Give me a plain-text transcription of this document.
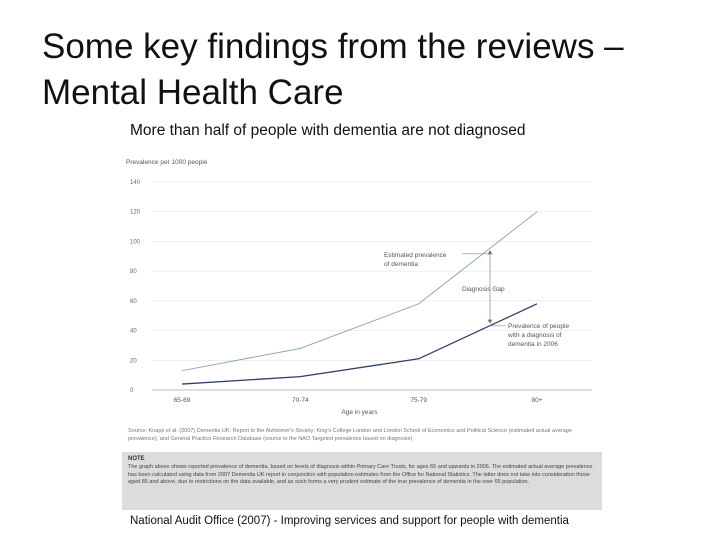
Some key findings from the reviews – Mental Health Care
More than half of people with dementia are not diagnosed
Prevalence per 1000 people
0
20
40
60
80
100
120
140
65-69	70-74	75-79	80+
Age in years
Estimated prevalence
of dementia
Diagnosis Gap
Prevalence of people
with a diagnosis of
dementia in 2006
Source: Knapp et al. (2007) Dementia UK: Report to the Alzheimer's Society; King's College London and London School of Economics and Political Science (estimated actual average prevalence), and General Practice Research Database (source to the NAO Targeted prevalence based on diagnosis)
NOTE
The graph above shows reported prevalence of dementia, based on levels of diagnosis within Primary Care Trusts, for ages 65 and upwards in 2006. The estimated actual average prevalence has been calculated using data from 2007 Dementia UK report in conjunction with population estimates from the Office for National Statistics. The latter does not take into consideration those aged 85 and above, due to restrictions on the data available, and as such forms a very prudent estimate of the true prevalence of dementia in the over 65 population.
National Audit Office (2007) - Improving services and support for people with dementia
